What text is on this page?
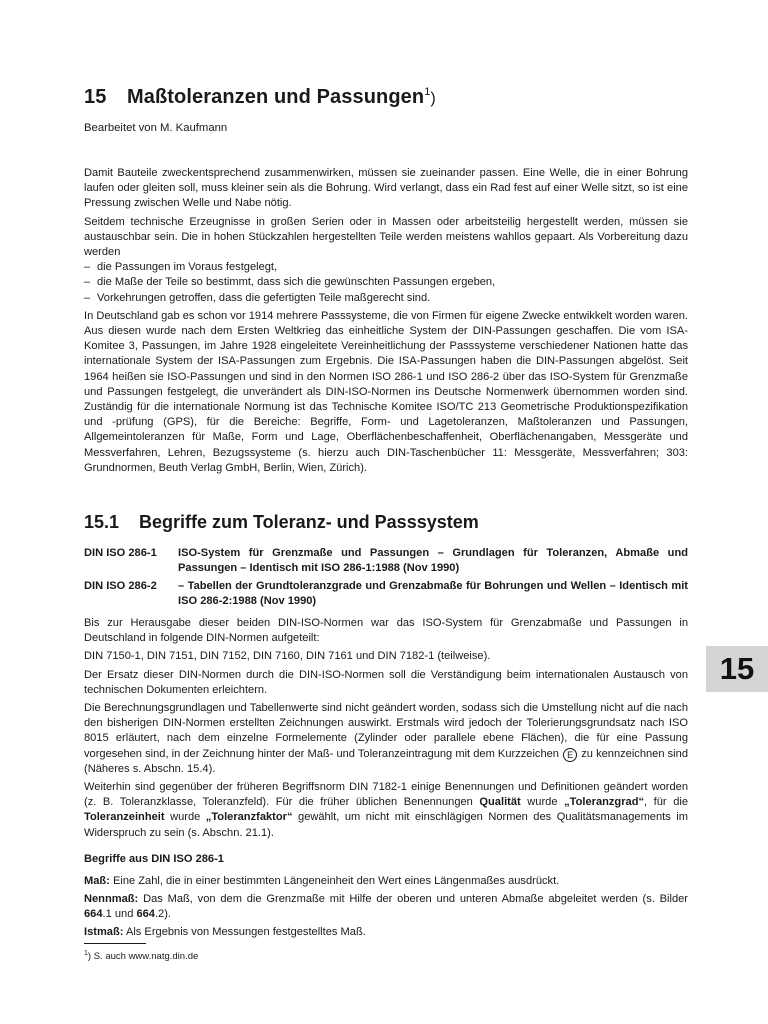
15 Maßtoleranzen und Passungen$^1$)
Bearbeitet von M. Kaufmann

Damit Bauteile zweckentsprechend zusammenwirken, müssen sie zueinander passen. Eine Welle, die in einer Bohrung laufen oder gleiten soll, muss kleiner sein als die Bohrung. Wird verlangt, dass ein Rad fest auf einer Welle sitzt, so ist eine Pressung zwischen Welle und Nabe nötig.

Seitdem technische Erzeugnisse in großen Serien oder in Massen oder arbeitsteilig hergestellt werden, müssen sie austauschbar sein. Die in hohen Stückzahlen hergestellten Teile werden meistens wahllos gepaart. Als Vorbereitung dazu werden

– die Passungen im Voraus festgelegt,
– die Maße der Teile so bestimmt, dass sich die gewünschten Passungen ergeben,
– Vorkehrungen getroffen, dass die gefertigten Teile maßgerecht sind.

In Deutschland gab es schon vor 1914 mehrere Passsysteme, die von Firmen für eigene Zwecke entwikkelt worden waren. Aus diesen wurde nach dem Ersten Weltkrieg das einheitliche System der DIN-Passungen geschaffen. Die vom ISA-Komitee 3, Passungen, im Jahre 1928 eingeleitete Vereinheitlichung der Passsysteme verschiedener Nationen hatte das internationale System der ISA-Passungen zum Ergebnis. Die ISA-Passungen haben die DIN-Passungen abgelöst. Seit 1964 heißen sie ISO-Passungen und sind in den Normen ISO 286-1 und ISO 286-2 über das ISO-System für Grenzmaße und Passungen festgelegt, die unverändert als DIN-ISO-Normen ins Deutsche Normenwerk übernommen worden sind. Zuständig für die internationale Normung ist das Technische Komitee ISO/TC 213 Geometrische Produktionspezifikation und -prüfung (GPS), für die Bereiche: Begriffe, Form- und Lagetoleranzen, Maßtoleranzen und Passungen, Allgemeintoleranzen für Maße, Form und Lage, Oberflächenbeschaffenheit, Oberflächenangaben, Messgeräte und Messverfahren, Lehren, Bezugssysteme (s. hierzu auch DIN-Taschenbücher 11: Messgeräte, Messverfahren; 303: Grundnormen, Beuth Verlag GmbH, Berlin, Wien, Zürich).

15.1 Begriffe zum Toleranz- und Passsystem
DIN ISO 286-1	ISO-System für Grenzmaße und Passungen – Grundlagen für Toleranzen, Abmaße und Passungen – Identisch mit ISO 286-1:1988 (Nov 1990)
DIN ISO 286-2	– Tabellen der Grundtoleranzgrade und Grenzabmaße für Bohrungen und Wellen – Identisch mit ISO 286-2:1988 (Nov 1990)

Bis zur Herausgabe dieser beiden DIN-ISO-Normen war das ISO-System für Grenzabmaße und Passungen in Deutschland in folgende DIN-Normen aufgeteilt:

DIN 7150-1, DIN 7151, DIN 7152, DIN 7160, DIN 7161 und DIN 7182-1 (teilweise).

Der Ersatz dieser DIN-Normen durch die DIN-ISO-Normen soll die Verständigung beim internationalen Austausch von technischen Dokumenten erleichtern.

Die Berechnungsgrundlagen und Tabellenwerte sind nicht geändert worden, sodass sich die Umstellung nicht auf die nach den bisherigen DIN-Normen erstellten Zeichnungen auswirkt. Erstmals wird jedoch der Tolerierungsgrundsatz nach ISO 8015 erläutert, nach dem einzelne Formelemente (Zylinder oder parallele ebene Flächen), die für eine Passung vorgesehen sind, in der Zeichnung hinter der Maß- und Toleranzeintragung mit dem Kurzzeichen E zu kennzeichnen sind (Näheres s. Abschn. 15.4).

Weiterhin sind gegenüber der früheren Begriffsnorm DIN 7182-1 einige Benennungen und Definitionen geändert worden (z. B. Toleranzklasse, Toleranzfeld). Für die früher üblichen Benennungen Qualität wurde „Toleranzgrad“, für die Toleranzeinheit wurde „Toleranzfaktor“ gewählt, um nicht mit einschlägigen Normen des Qualitätsmanagements im Widerspruch zu sein (s. Abschn. 21.1).

Begriffe aus DIN ISO 286-1

Maß: Eine Zahl, die in einer bestimmten Längeneinheit den Wert eines Längenmaßes ausdrückt.

Nennmaß: Das Maß, von dem die Grenzmaße mit Hilfe der oberen und unteren Abmaße abgeleitet werden (s. Bilder 664.1 und 664.2).

Istmaß: Als Ergebnis von Messungen festgestelltes Maß.

$^1$) S. auch www.natg.din.de
15
